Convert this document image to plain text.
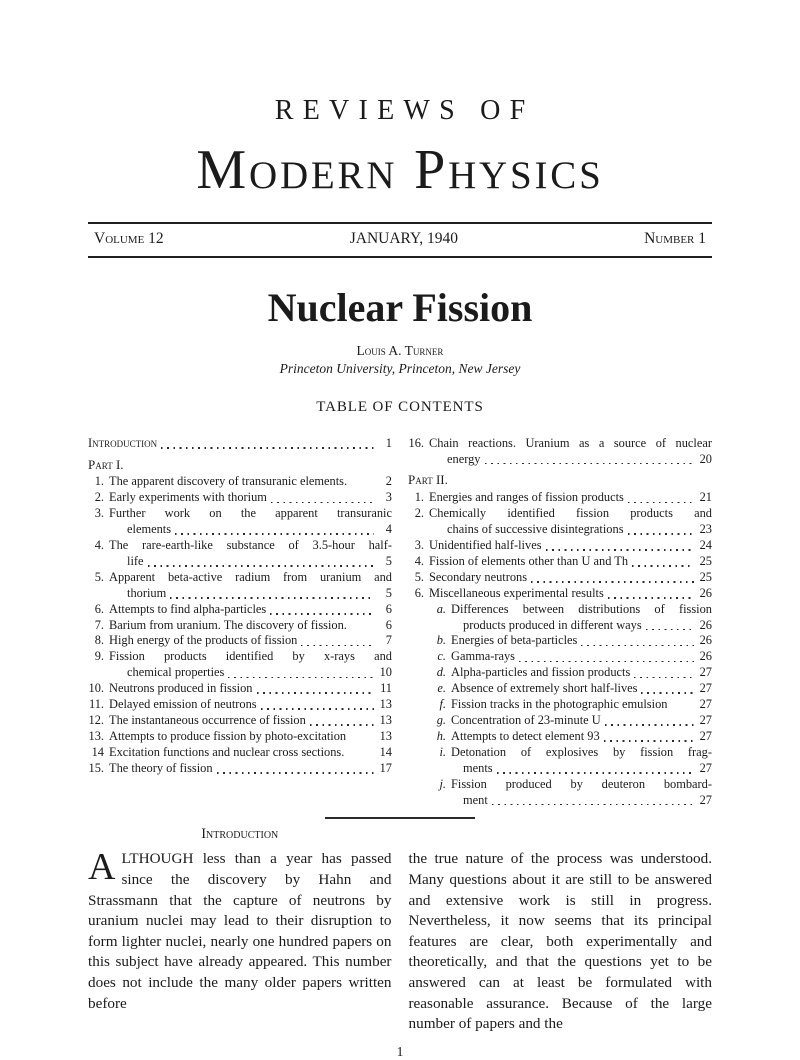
REVIEWS OF
Modern Physics
Volume 12	JANUARY, 1940	Number 1
Nuclear Fission
Louis A. Turner
Princeton University, Princeton, New Jersey
TABLE OF CONTENTS
Introduction	1
Part I.
1. The apparent discovery of transuranic elements.	2
2. Early experiments with thorium	3
3. Further work on the apparent transuranic
elements	4
4. The rare-earth-like substance of 3.5-hour half-
life	5
5. Apparent beta-active radium from uranium and
thorium	5
6. Attempts to find alpha-particles	6
7. Barium from uranium. The discovery of fission.	6
8. High energy of the products of fission	7
9. Fission products identified by x-rays and
chemical properties	10
10. Neutrons produced in fission	11
11. Delayed emission of neutrons	13
12. The instantaneous occurrence of fission	13
13. Attempts to produce fission by photo-excitation	13
14 Excitation functions and nuclear cross sections.	14
15. The theory of fission	17
16. Chain reactions. Uranium as a source of nuclear
energy	20
Part II.
1. Energies and ranges of fission products	21
2. Chemically identified fission products and
chains of successive disintegrations	23
3. Unidentified half-lives	24
4. Fission of elements other than U and Th	25
5. Secondary neutrons	25
6. Miscellaneous experimental results	26
a. Differences between distributions of fission
products produced in different ways	26
b. Energies of beta-particles	26
c. Gamma-rays	26
d. Alpha-particles and fission products	27
e. Absence of extremely short half-lives	27
f. Fission tracks in the photographic emulsion	27
g. Concentration of 23-minute U	27
h. Attempts to detect element 93	27
i. Detonation of explosives by fission frag-
ments	27
j. Fission produced by deuteron bombard-
ment	27
Introduction

ALTHOUGH less than a year has passed since the discovery by Hahn and Strassmann that the capture of neutrons by uranium nuclei may lead to their disruption to form lighter nuclei, nearly one hundred papers on this subject have already appeared. This number does not include the many older papers written before

the true nature of the process was understood. Many questions about it are still to be answered and extensive work is still in progress. Nevertheless, it now seems that its principal features are clear, both experimentally and theoretically, and that the questions yet to be answered can at least be formulated with reasonable assurance. Because of the large number of papers and the

1
